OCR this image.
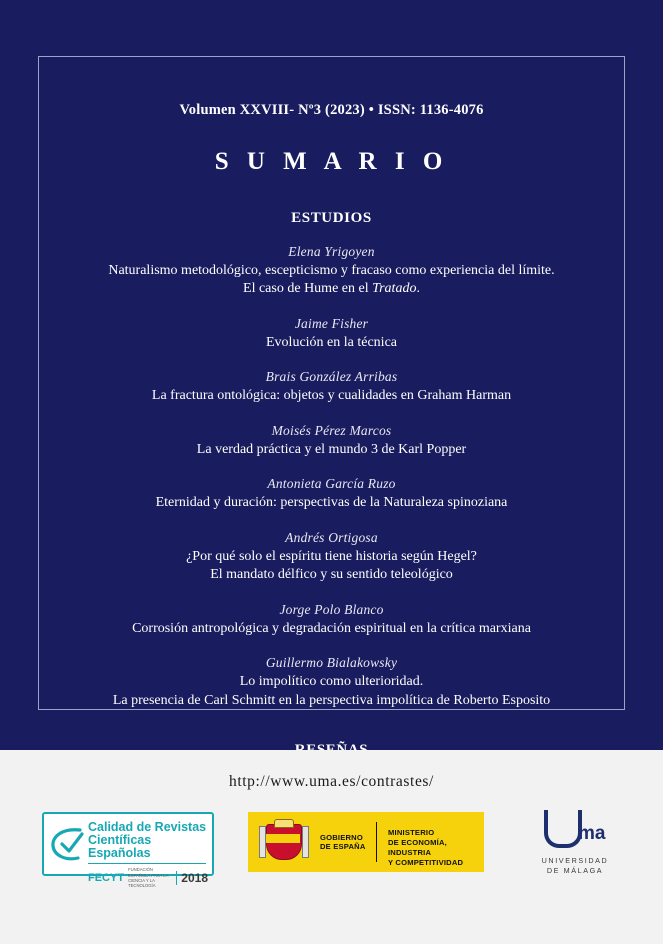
Volumen XXVIII- Nº3 (2023) • ISSN: 1136-4076
S U M A R I O
ESTUDIOS
Elena Yrigoyen
Naturalismo metodológico, escepticismo y fracaso como experiencia del límite.
El caso de Hume en el Tratado.
Jaime Fisher
Evolución en la técnica
Brais González Arribas
La fractura ontológica: objetos y cualidades en Graham Harman
Moisés Pérez Marcos
La verdad práctica y el mundo 3 de Karl Popper
Antonieta García Ruzo
Eternidad y duración: perspectivas de la Naturaleza spinoziana
Andrés Ortigosa
¿Por qué solo el espíritu tiene historia según Hegel?
El mandato délfico y su sentido teleológico
Jorge Polo Blanco
Corrosión antropológica y degradación espiritual en la crítica marxiana
Guillermo Bialakowsky
Lo impolítico como ulterioridad.
La presencia de Carl Schmitt en la perspectiva impolítica de Roberto Esposito
http://www.uma.es/contrastes/
Calidad de Revistas
Científicas Españolas
FECYT
FUNDACIÓN ESPAÑOLA PARA LA CIENCIA Y LA TECNOLOGÍA
2018
GOBIERNO
DE ESPAÑA
MINISTERIO
DE ECONOMÍA, INDUSTRIA
Y COMPETITIVIDAD
ma
UNIVERSIDAD
DE MÁLAGA
